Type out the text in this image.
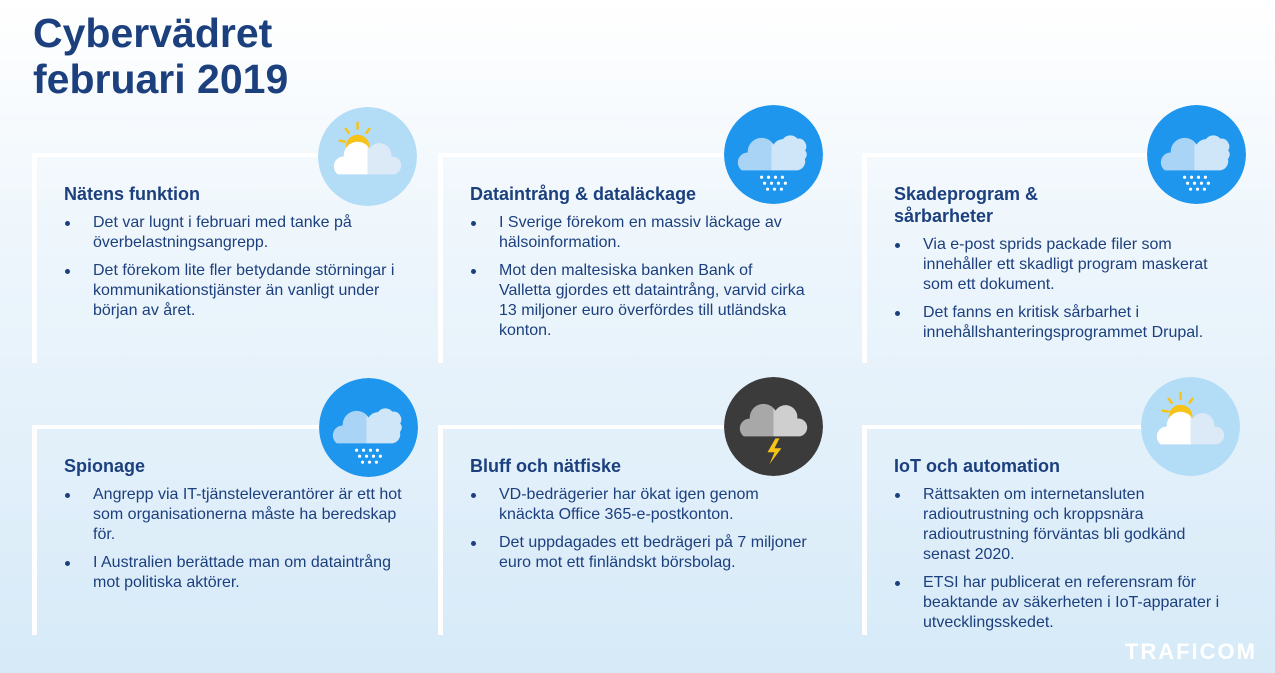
Cybervädret
februari 2019
Nätens funktion
Det var lugnt i februari med tanke på överbelastningsangrepp.
Det förekom lite fler betydande störningar i kommunikationstjänster än vanligt under början av året.
Dataintrång & dataläckage
I Sverige förekom en massiv läckage av hälsoinformation.
Mot den maltesiska banken Bank of Valletta gjordes ett dataintrång, varvid cirka 13 miljoner euro överfördes till utländska konton.
Skadeprogram & sårbarheter
Via e-post sprids packade filer som innehåller ett skadligt program maskerat som ett dokument.
Det fanns en kritisk sårbarhet i innehållshanteringsprogrammet Drupal.
Spionage
Angrepp via IT-tjänsteleverantörer är ett hot som organisationerna måste ha beredskap för.
I Australien berättade man om dataintrång mot politiska aktörer.
Bluff och nätfiske
VD-bedrägerier har ökat igen genom knäckta Office 365-e-postkonton.
Det uppdagades ett bedrägeri på 7 miljoner euro mot ett finländskt börsbolag.
IoT och automation
Rättsakten om internetansluten radioutrustning och kroppsnära radioutrustning förväntas bli godkänd senast 2020.
ETSI har publicerat en referensram för beaktande av säkerheten i IoT-apparater i utvecklingsskedet.
TRAFICOM
